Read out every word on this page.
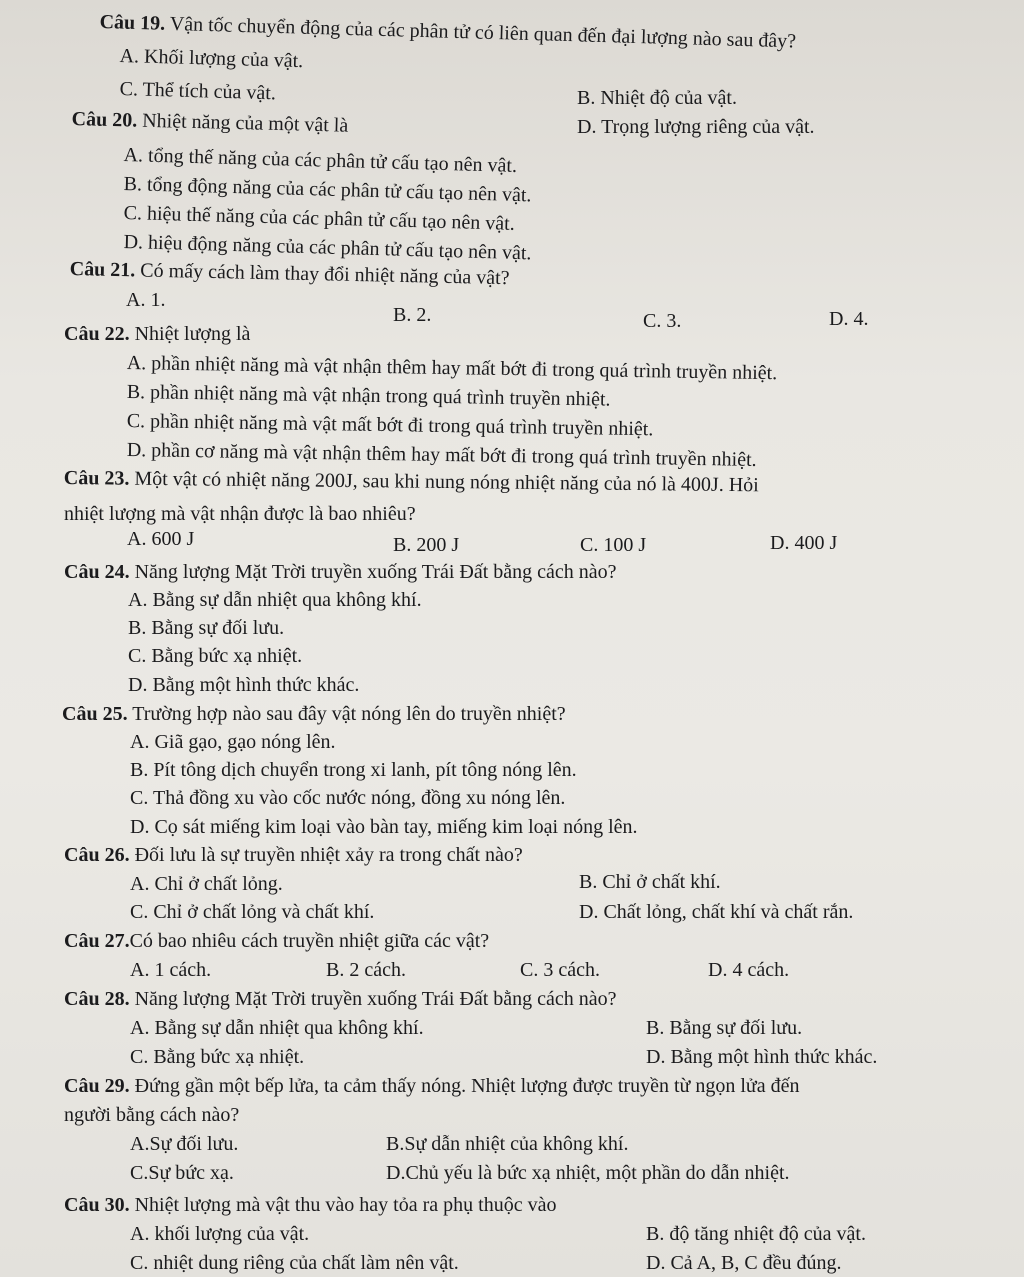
Câu 19. Vận tốc chuyển động của các phân tử có liên quan đến đại lượng nào sau đây?
A. Khối lượng của vật.
B. Nhiệt độ của vật.
C. Thể tích của vật.
D. Trọng lượng riêng của vật.
Câu 20. Nhiệt năng của một vật là
A. tổng thế năng của các phân tử cấu tạo nên vật.
B. tổng động năng của các phân tử cấu tạo nên vật.
C. hiệu thế năng của các phân tử cấu tạo nên vật.
D. hiệu động năng của các phân tử cấu tạo nên vật.
Câu 21. Có mấy cách làm thay đổi nhiệt năng của vật?
A. 1.
B. 2.	C. 3.	D. 4.
Câu 22. Nhiệt lượng là
A. phần nhiệt năng mà vật nhận thêm hay mất bớt đi trong quá trình truyền nhiệt.
B. phần nhiệt năng mà vật nhận trong quá trình truyền nhiệt.
C. phần nhiệt năng mà vật mất bớt đi trong quá trình truyền nhiệt.
D. phần cơ năng mà vật nhận thêm hay mất bớt đi trong quá trình truyền nhiệt.
Câu 23. Một vật có nhiệt năng 200J, sau khi nung nóng nhiệt năng của nó là 400J. Hỏi
nhiệt lượng mà vật nhận được là bao nhiêu?
A. 600 J	B. 200 J	C. 100 J	D. 400 J
Câu 24. Năng lượng Mặt Trời truyền xuống Trái Đất bằng cách nào?
A. Bằng sự dẫn nhiệt qua không khí.
B. Bằng sự đối lưu.
C. Bằng bức xạ nhiệt.
D. Bằng một hình thức khác.
Câu 25. Trường hợp nào sau đây vật nóng lên do truyền nhiệt?
A. Giã gạo, gạo nóng lên.
B. Pít tông dịch chuyển trong xi lanh, pít tông nóng lên.
C. Thả đồng xu vào cốc nước nóng, đồng xu nóng lên.
D. Cọ sát miếng kim loại vào bàn tay, miếng kim loại nóng lên.
Câu 26. Đối lưu là sự truyền nhiệt xảy ra trong chất nào?
A. Chỉ ở chất lỏng.	B. Chỉ ở chất khí.
C. Chỉ ở chất lỏng và chất khí.	D. Chất lỏng, chất khí và chất rắn.
Câu 27.Có bao nhiêu cách truyền nhiệt giữa các vật?
A. 1 cách.	B. 2 cách.	C. 3 cách.	D. 4 cách.
Câu 28. Năng lượng Mặt Trời truyền xuống Trái Đất bằng cách nào?
A. Bằng sự dẫn nhiệt qua không khí.	B. Bằng sự đối lưu.
C. Bằng bức xạ nhiệt.	D. Bằng một hình thức khác.
Câu 29. Đứng gần một bếp lửa, ta cảm thấy nóng. Nhiệt lượng được truyền từ ngọn lửa đến
người bằng cách nào?
A.Sự đối lưu.	B.Sự dẫn nhiệt của không khí.
C.Sự bức xạ.	D.Chủ yếu là bức xạ nhiệt, một phần do dẫn nhiệt.
Câu 30. Nhiệt lượng mà vật thu vào hay tỏa ra phụ thuộc vào
A. khối lượng của vật.	B. độ tăng nhiệt độ của vật.
C. nhiệt dung riêng của chất làm nên vật.	D. Cả A, B, C đều đúng.
